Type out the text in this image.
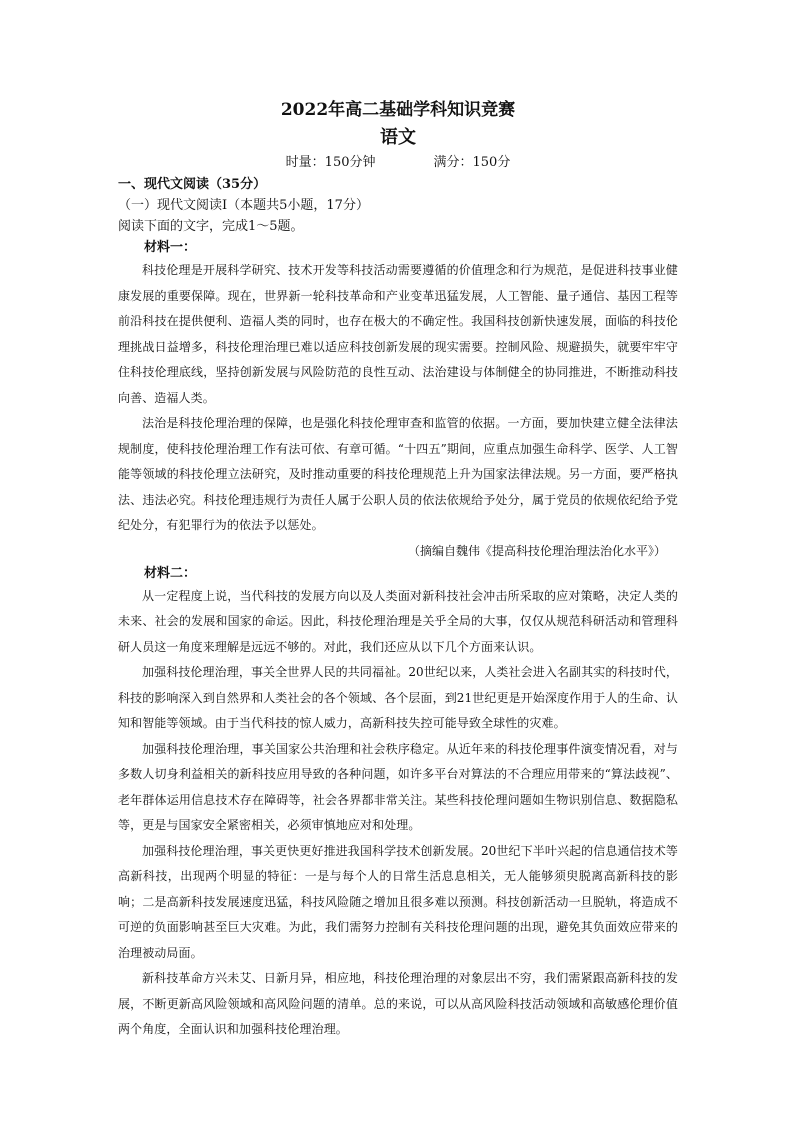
2022年高二基础学科知识竞赛
语文

时量：150分钟	满分：150分

一、现代文阅读（35分）

（一）现代文阅读Ⅰ（本题共5小题，17分）

阅读下面的文字，完成1～5题。

材料一：

科技伦理是开展科学研究、技术开发等科技活动需要遵循的价值理念和行为规范，是促进科技事业健康发展的重要保障。现在，世界新一轮科技革命和产业变革迅猛发展，人工智能、量子通信、基因工程等前沿科技在提供便利、造福人类的同时，也存在极大的不确定性。我国科技创新快速发展，面临的科技伦理挑战日益增多，科技伦理治理已难以适应科技创新发展的现实需要。控制风险、规避损失，就要牢牢守住科技伦理底线，坚持创新发展与风险防范的良性互动、法治建设与体制健全的协同推进，不断推动科技向善、造福人类。

法治是科技伦理治理的保障，也是强化科技伦理审查和监管的依据。一方面，要加快建立健全法律法规制度，使科技伦理治理工作有法可依、有章可循。“十四五”期间，应重点加强生命科学、医学、人工智能等领域的科技伦理立法研究，及时推动重要的科技伦理规范上升为国家法律法规。另一方面，要严格执法、违法必究。科技伦理违规行为责任人属于公职人员的依法依规给予处分，属于党员的依规依纪给予党纪处分，有犯罪行为的依法予以惩处。

（摘编自魏伟《提高科技伦理治理法治化水平》）

材料二：

从一定程度上说，当代科技的发展方向以及人类面对新科技社会冲击所采取的应对策略，决定人类的未来、社会的发展和国家的命运。因此，科技伦理治理是关乎全局的大事，仅仅从规范科研活动和管理科研人员这一角度来理解是远远不够的。对此，我们还应从以下几个方面来认识。

加强科技伦理治理，事关全世界人民的共同福祉。20世纪以来，人类社会进入名副其实的科技时代，科技的影响深入到自然界和人类社会的各个领域、各个层面，到21世纪更是开始深度作用于人的生命、认知和智能等领域。由于当代科技的惊人威力，高新科技失控可能导致全球性的灾难。

加强科技伦理治理，事关国家公共治理和社会秩序稳定。从近年来的科技伦理事件演变情况看，对与多数人切身利益相关的新科技应用导致的各种问题，如许多平台对算法的不合理应用带来的“算法歧视”、老年群体运用信息技术存在障碍等，社会各界都非常关注。某些科技伦理问题如生物识别信息、数据隐私等，更是与国家安全紧密相关，必须审慎地应对和处理。

加强科技伦理治理，事关更快更好推进我国科学技术创新发展。20世纪下半叶兴起的信息通信技术等高新科技，出现两个明显的特征：一是与每个人的日常生活息息相关，无人能够须臾脱离高新科技的影响；二是高新科技发展速度迅猛，科技风险随之增加且很多难以预测。科技创新活动一旦脱轨，将造成不可逆的负面影响甚至巨大灾难。为此，我们需努力控制有关科技伦理问题的出现，避免其负面效应带来的治理被动局面。

新科技革命方兴未艾、日新月异，相应地，科技伦理治理的对象层出不穷，我们需紧跟高新科技的发展，不断更新高风险领域和高风险问题的清单。总的来说，可以从高风险科技活动领域和高敏感伦理价值两个角度，全面认识和加强科技伦理治理。
